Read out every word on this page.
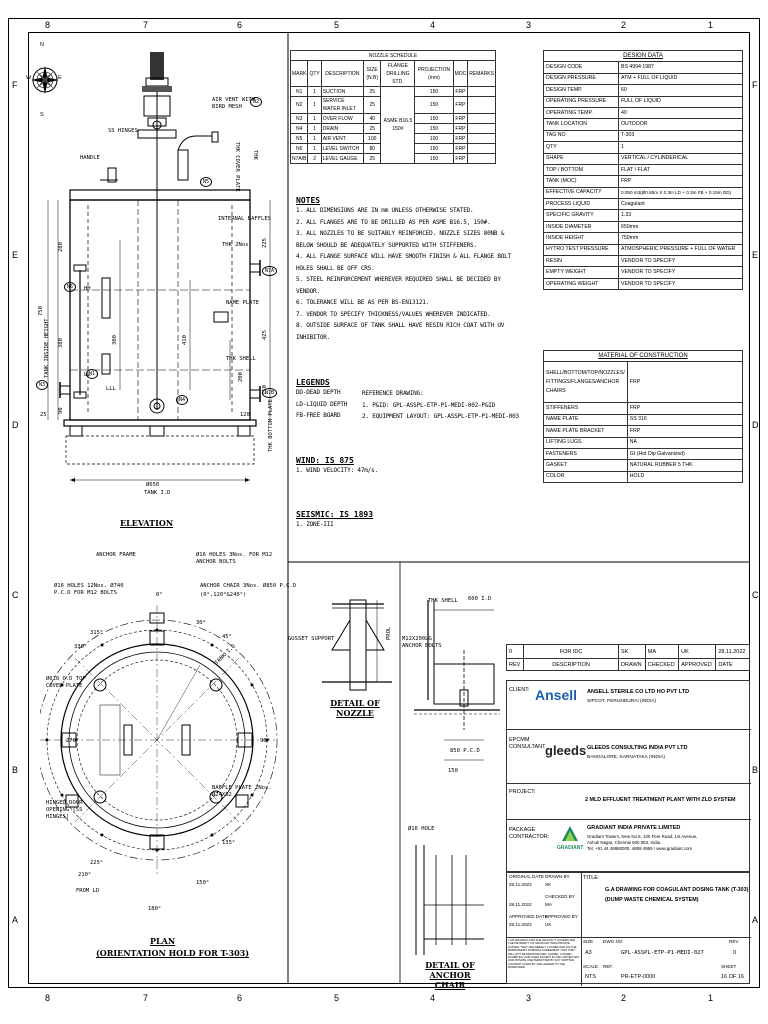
8	7	6	5	4	3	2	1
8	7	6	5	4	3	2	1
F
E
D
C
B
A
F
E
D
C
B
A
N
S
E
W
AIR VENT WITH BIRD MESH
SS HINGES
HANDLE	THK COVER PLATE THK
INTERNAL BAFFLES
THK 2Nos.
NAME PLATE
THK SHELL
THK BOTTOM PLATE
TANK INSIDE HEIGHT
TANK I.D
Ø650
HH
LL
LLL
750
280
380
90
225
300	410
425
200
150
25	120
N1
N2
N3
N4
N5
N6
N7A
N7B
ELEVATION
ANCHOR FRAME
Ø16 HOLES 12Nos. Ø740 P.C.D FOR M12 BOLTS
Ø16 HOLES 3Nos. FOR M12 ANCHOR BOLTS
ANCHOR CHAIR 3Nos. Ø850 P.C.D
(0°,120°&240°)
Ø610 O.D TOP COVER PLATE
HINGED DOOR OPENING (SS HINGES)
BAFFLE PLATE 2Nos. Ø24X82
FROM LD
TANK I.D
0°
90°
180°
270°
45°
135°
225°
315°
30°
150°
210°
330°
PLAN
(ORIENTATION HOLD FOR T-303)
NOZZLE SCHEDULE							
MARK	QTY	DESCRIPTION	SIZE (N.B)	FLANGE DRILLING STD.	PROJECTION (mm)	MOC	REMARKS
N1	1	SUCTION	25	ASME B16.5 150#	150	FRP	
N2	1	SERVICE WATER INLET	25		150	FRP	
N3	1	OVER FLOW	40		150	FRP	
N4	1	DRAIN	25		150	FRP	
N5	1	AIR VENT	100		100	FRP	
N6	1	LEVEL SWITCH	80		150	FRP	
N7A/B	2	LEVEL GAUGE	25		150	FRP	
NOTES
1. ALL DIMENSIONS ARE IN mm UNLESS OTHERWISE STATED.
2. ALL FLANGES ARE TO BE DRILLED AS PER ASME B16.5, 150#.
3. ALL NOZZLES TO BE SUITABLY REINFORCED. NOZZLE SIZES 80NB &
BELOW SHOULD BE ADEQUATELY SUPPORTED WITH STIFFENERS.
4. ALL FLANGE SURFACE WILL HAVE SMOOTH FINISH & ALL FLANGE BOLT
HOLES SHALL BE OFF CRS.
5. STEEL REINFORCEMENT WHEREVER REQUIRED SHALL BE DECIDED BY
VENDOR.
6. TOLERANCE WILL BE AS PER BS-EN13121.
7. VENDOR TO SPECIFY THICKNESS/VALUES WHEREVER INDICATED.
8. OUTSIDE SURFACE OF TANK SHALL HAVE RESIN RICH COAT WITH UV
INHIBITOR.
LEGENDS
DD-DEAD DEPTH
LD-LIQUID DEPTH
FB-FREE BOARD
REFERENCE DRAWING:
1. P&ID: GPL-ASSPL-ETP-P1-MEDI-002-P&ID
2. EQUIPMENT LAYOUT: GPL-ASSPL-ETP-P1-MEDI-003
WIND: IS 875
1. WIND VELOCITY: 47m/s.
SEISMIC: IS 1893
1. ZONE-III
DESIGN DATA	
DESIGN CODE	BS 4994:1987
DESIGN PRESSURE	ATM + FULL OF LIQUID
DESIGN TEMP.	60
OPERATING PRESSURE	FULL OF LIQUID
OPERATING TEMP.	40
TANK LOCATION	OUTDOOR
TAG NO	T-303
QTY	1
SHAPE	VERTICAL / CYLINDERICAL
TOP / BOTTOM	FLAT / FLAT
TANK (MOC)	FRP
EFFECTIVE CAPACITY	0.050 m3(Ø0.65m X 0.3m LD + 0.3m FB + 0.15m DD)
PROCESS LIQUID	Coagulant
SPECIFIC GRAVITY	1.33
INSIDE DIAMETER	650mm
INSIDE HEIGHT	750mm
HYTRO TEST PRESSURE	ATMOSPHERIC PRESSURE + FULL OF WATER
RESIN	VENDOR TO SPECIFY
EMPTY WEIGHT	VENDOR TO SPECIFY
OPERATING WEIGHT	VENDOR TO SPECIFY
MATERIAL OF CONSTRUCTION	
SHELL/BOTTOM/TOP/NOZZLES/ FITTINGS/FLANGES/ANCHOR CHAIRS	FRP
STIFFENERS	FRP
NAME PLATE	SS 316
NAME PLATE BRACKET	FRP
LIFTING LUGS	NA
FASTENERS	GI (Hot Dip Galvanized)
GASKET	NATURAL RUBBER 5 THK
COLOR	HOLD
GUSSET SUPPORT	PROL
DETAIL OF NOZZLE
THK SHELL
M12X200LG ANCHOR BOLTS
850 P.C.D
600 I.D
Ø16 HOLE
150
DETAIL OF ANCHOR CHAIR
0	FOR IDC	SK	MA	UK	28.11.2022
REV	DESCRIPTION	DRAWN	CHECKED	APPROVED	DATE
CLIENT: Ansell ANSELL STERILE CO LTD HO PVT LTD
SIPCOT, PERUNDURAI (INDIA)
EPCMM CONSULTANT gleeds GLEEDS CONSULTING INDIA PVT LTD
BANGALORE, KARNATAKA (INDIA)
PROJECT:
2 MLD EFFLUENT TREATMENT PLANT WITH ZLD SYSTEM
PACKAGE CONTRACTOR:
GRADIANT
GRADIANT INDIA PRIVATE LIMITED
Gradiant Towers, New No.8, 100 Feet Road, 1st Avenue,
Ashok Nagar, Chennai 600 083, India.
Tel: +91 44 48880000, 4859 4959 / www.gradiant.com
ORIGINAL DATE
28.11.2022
DRAWN BY
SK
28.11.2022
CHECKED BY
MA
APPROVED DATE
28.11.2022
APPROVED BY
UK
TITLE:
G.A DRAWING FOR COAGULANT DOSING TANK (T-303)
(DUMP WASTE CHEMICAL SYSTEM)
THIS DRAWING AND THE DESIGN IT COVERS ARE THE PROPERTY OF GRADIANT INDIA PRIVATE LIMITED. THEY ARE MERELY LOANED AND ON THE BORROWER'S EXPRESS AGREEMENT THAT THEY WILL NOT BE REPRODUCED, COPIED, LOANED, EXHIBITED, NOR USED EXCEPT IN THE LIMITED WAY AND PRIVATE USE PERMITTED BY ANY WRITTEN CONSENT GIVEN BY THE LENDER TO THE BORROWER.
SIZE
A3
DWG NO
GPL-ASSPL-ETP-P1-MEDI-027
REV
0
SCALE
NTS
REF.
PR-ETP-0000
SHEET
16 OF 16
